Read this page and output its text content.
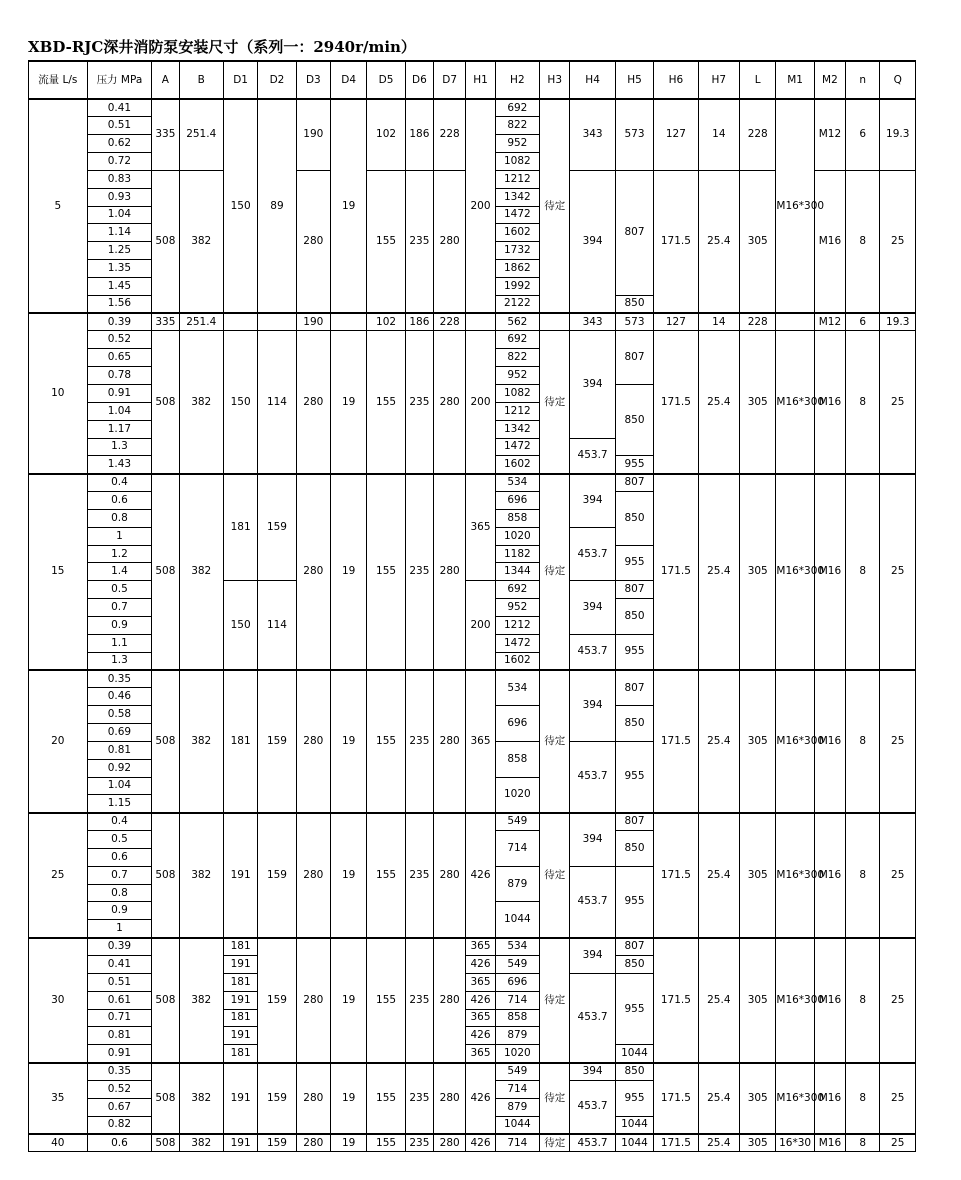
XBD-RJC深井消防泵安装尺寸（系列一：2940r/min）
流量 L/s	压力 MPa	A	B	D1	D2	D3	D4	D5	D6	D7	H1	H2	H3	H4	H5	H6	H7	L	M1	M2	n	Q
5	0.41	335	251.4	150	89	190	19	102	186	228	200	692	待定	343	573	127	14	228	M16*300	M12	6	19.3
	0.51											822										
	0.62											952										
	0.72											1082										
	0.83	508	382			280		155	235	280		1212		394	807	171.5	25.4	305		M16	8	25
	0.93											1342										
	1.04											1472										
	1.14											1602										
	1.25											1732										
	1.35											1862										
	1.45											1992										
	1.56											2122			850							
10	0.39	335	251.4			190		102	186	228		562		343	573	127	14	228		M12	6	19.3
	0.52	508	382	150	114	280	19	155	235	280	200	692	待定	394	807	171.5	25.4	305	M16*300	M16	8	25
	0.65											822										
	0.78											952										
	0.91											1082			850							
	1.04											1212										
	1.17											1342										
	1.3											1472		453.7								
	1.43											1602			955							
15	0.4	508	382	181	159	280	19	155	235	280	365	534	待定	394	807	171.5	25.4	305	M16*300	M16	8	25
	0.6											696			850							
	0.8											858										
	1											1020		453.7								
	1.2											1182			955							
	1.4											1344										
	0.5			150	114						200	692		394	807							
	0.7											952			850							
	0.9											1212										
	1.1											1472		453.7	955							
	1.3											1602										
20	0.35	508	382	181	159	280	19	155	235	280	365	534	待定	394	807	171.5	25.4	305	M16*300	M16	8	25
	0.46																					
	0.58											696			850							
	0.69																					
	0.81											858		453.7	955							
	0.92																					
	1.04											1020										
	1.15																					
25	0.4	508	382	191	159	280	19	155	235	280	426	549	待定	394	807	171.5	25.4	305	M16*300	M16	8	25
	0.5											714			850							
	0.6																					
	0.7											879		453.7	955							
	0.8																					
	0.9											1044										
	1																					
30	0.39	508	382	181	159	280	19	155	235	280	365	534	待定	394	807	171.5	25.4	305	M16*300	M16	8	25
	0.41			191							426	549			850							
	0.51			181							365	696		453.7	955							
	0.61			191							426	714										
	0.71			181							365	858										
	0.81			191							426	879										
	0.91			181							365	1020			1044							
35	0.35	508	382	191	159	280	19	155	235	280	426	549	待定	394	850	171.5	25.4	305	M16*300	M16	8	25
	0.52											714		453.7	955							
	0.67											879										
	0.82											1044			1044							
40	0.6	508	382	191	159	280	19	155	235	280	426	714	待定	453.7	1044	171.5	25.4	305	16*30	M16	8	25
